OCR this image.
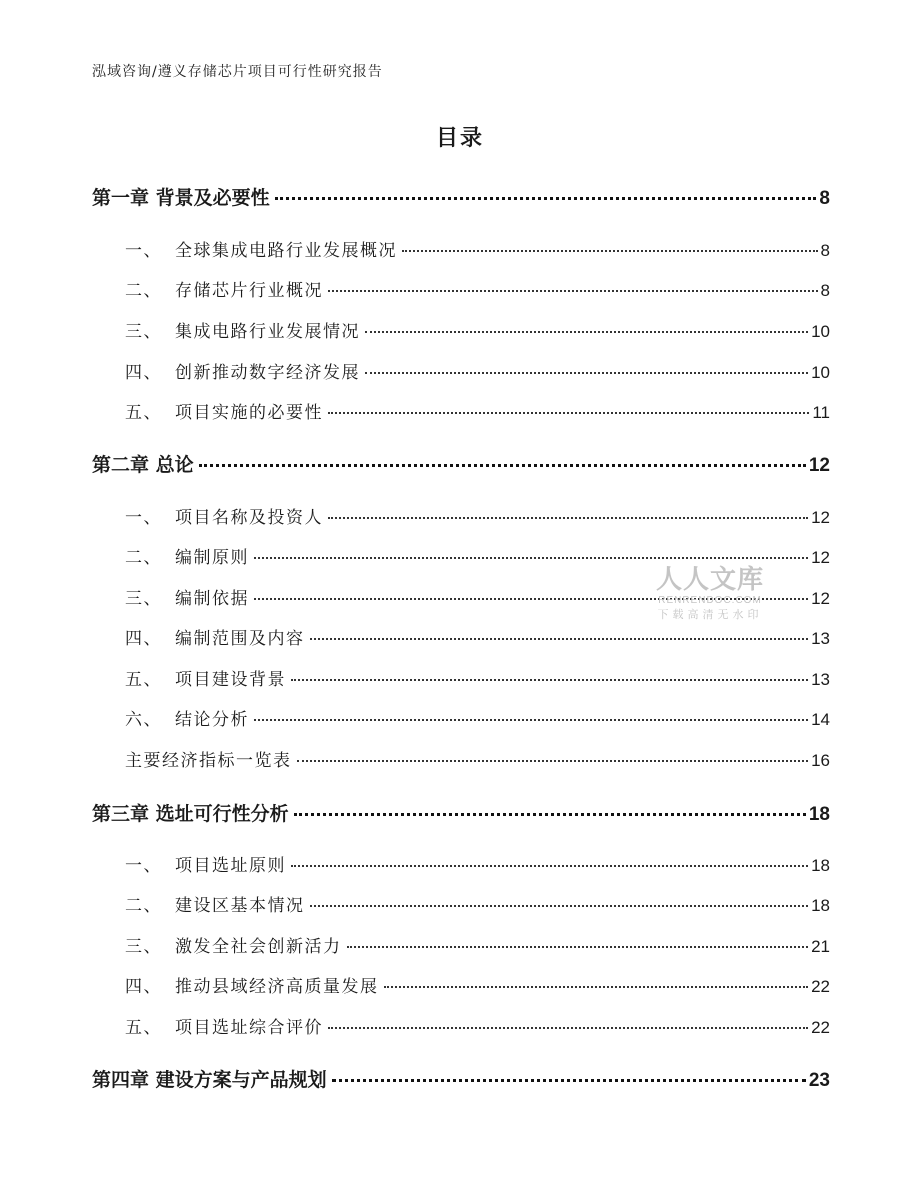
泓域咨询/遵义存储芯片项目可行性研究报告
目录
第一章 背景及必要性	8
一、 全球集成电路行业发展概况	8
二、 存储芯片行业概况	8
三、 集成电路行业发展情况	10
四、 创新推动数字经济发展	10
五、 项目实施的必要性	11
第二章 总论	12
一、 项目名称及投资人	12
二、 编制原则	12
三、 编制依据	12
四、 编制范围及内容	13
五、 项目建设背景	13
六、 结论分析	14
主要经济指标一览表	16
第三章 选址可行性分析	18
一、 项目选址原则	18
二、 建设区基本情况	18
三、 激发全社会创新活力	21
四、 推动县域经济高质量发展	22
五、 项目选址综合评价	22
第四章 建设方案与产品规划	23
人人文库
RENRENDOC.COM
下载高清无水印
